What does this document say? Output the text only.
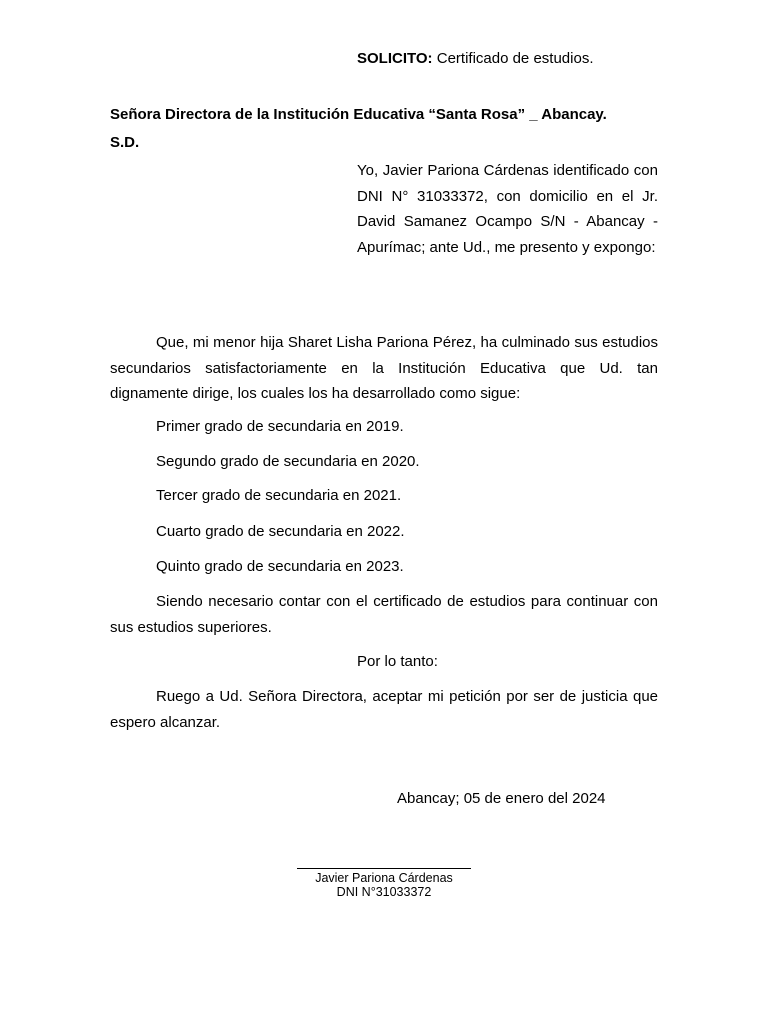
SOLICITO: Certificado de estudios.
Señora Directora de la Institución Educativa “Santa Rosa” _ Abancay.
S.D.
Yo, Javier Pariona Cárdenas identificado con DNI N° 31033372, con domicilio en el Jr. David Samanez Ocampo S/N - Abancay - Apurímac; ante Ud., me presento y expongo:
Que, mi menor hija Sharet Lisha Pariona Pérez, ha culminado sus estudios secundarios satisfactoriamente en la Institución Educativa que Ud. tan dignamente dirige, los cuales los ha desarrollado como sigue:
Primer grado de secundaria en 2019.
Segundo grado de secundaria en 2020.
Tercer grado de secundaria en 2021.
Cuarto grado de secundaria en 2022.
Quinto grado de secundaria en 2023.
Siendo necesario contar con el certificado de estudios para continuar con sus estudios superiores.
Por lo tanto:
Ruego a Ud. Señora Directora, aceptar mi petición por ser de justicia que espero alcanzar.
Abancay; 05 de enero del 2024
Javier Pariona Cárdenas
DNI N°31033372
